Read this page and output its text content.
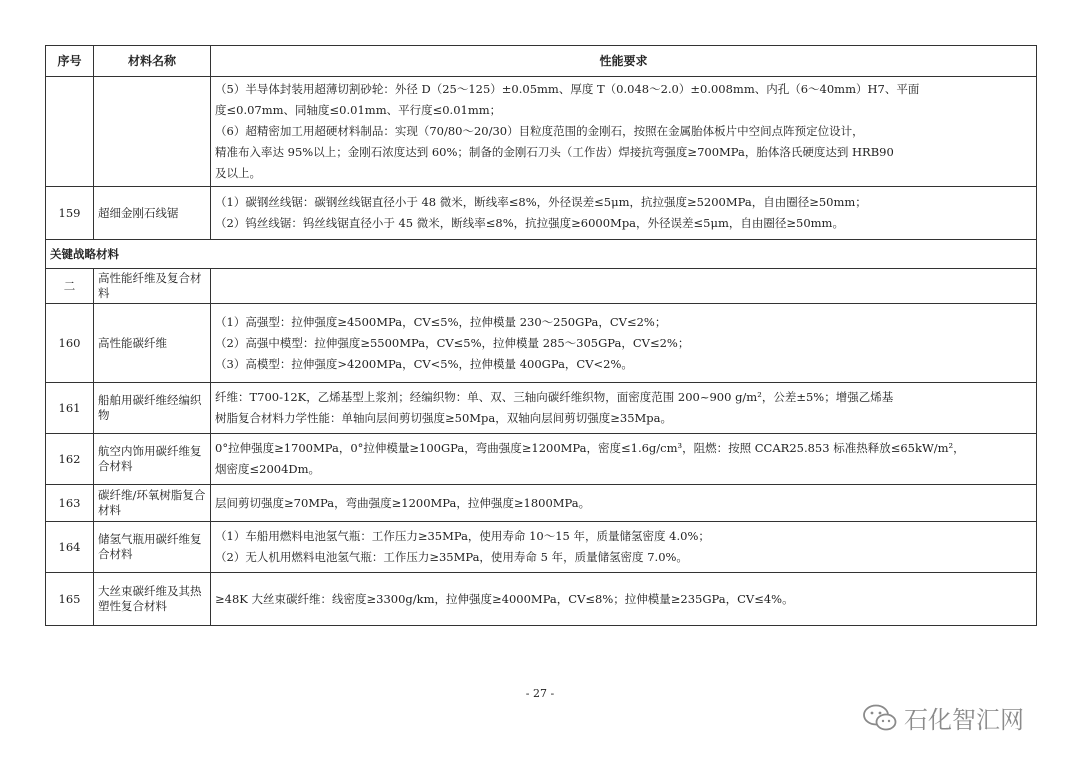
序号	材料名称	性能要求

		（5）半导体封装用超薄切割砂轮：外径 D（25～125）±0.05mm、厚度 T（0.048～2.0）±0.008mm、内孔（6～40mm）H7、平面
度≤0.07mm、同轴度≤0.01mm、平行度≤0.01mm；
（6）超精密加工用超硬材料制品：实现（70/80～20/30）目粒度范围的金刚石，按照在金属胎体板片中空间点阵预定位设计，
精准布入率达 95%以上；金刚石浓度达到 60%；制备的金刚石刀头（工作齿）焊接抗弯强度≥700MPa，胎体洛氏硬度达到 HRB90
及以上。

159	超细金刚石线锯	（1）碳钢丝线锯：碳钢丝线锯直径小于 48 微米，断线率≤8%，外径误差≤5μm，抗拉强度≥5200MPa，自由圈径≥50mm；
（2）钨丝线锯：钨丝线锯直径小于 45 微米，断线率≤8%，抗拉强度≥6000Mpa，外径误差≤5μm，自由圈径≥50mm。

关键战略材料		
二	高性能纤维及复合材料	
160	高性能碳纤维	（1）高强型：拉伸强度≥4500MPa，CV≤5%，拉伸模量 230～250GPa，CV≤2%；
（2）高强中模型：拉伸强度≥5500MPa，CV≤5%，拉伸模量 285～305GPa，CV≤2%；
（3）高模型：拉伸强度>4200MPa，CV<5%，拉伸模量 400GPa，CV<2%。

161	船舶用碳纤维经编织物	纤维：T700-12K，乙烯基型上浆剂；经编织物：单、双、三轴向碳纤维织物，面密度范围 200~900 g/m²，公差±5%；增强乙烯基
树脂复合材料力学性能：单轴向层间剪切强度≥50Mpa，双轴向层间剪切强度≥35Mpa。

162	航空内饰用碳纤维复合材料	0°拉伸强度≥1700MPa，0°拉伸模量≥100GPa，弯曲强度≥1200MPa，密度≤1.6g/cm³，阻燃：按照 CCAR25.853 标准热释放≤65kW/m²，
烟密度≤2004Dm。

163	碳纤维/环氧树脂复合材料	层间剪切强度≥70MPa，弯曲强度≥1200MPa，拉伸强度≥1800MPa。

164	储氢气瓶用碳纤维复合材料	（1）车船用燃料电池氢气瓶：工作压力≥35MPa，使用寿命 10～15 年，质量储氢密度 4.0%；
（2）无人机用燃料电池氢气瓶：工作压力≥35MPa，使用寿命 5 年，质量储氢密度 7.0%。

165	大丝束碳纤维及其热塑性复合材料	≥48K 大丝束碳纤维：线密度≥3300g/km，拉伸强度≥4000MPa，CV≤8%；拉伸模量≥235GPa，CV≤4%。
- 27 -
石化智汇网
